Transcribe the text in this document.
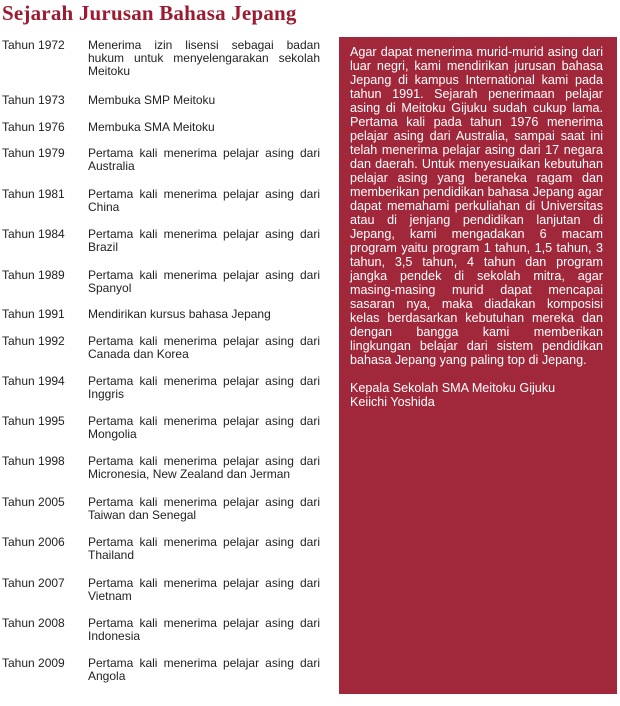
Sejarah Jurusan Bahasa Jepang
Tahun 1972	Menerima izin lisensi sebagai badan hukum untuk menyelengarakan sekolah Meitoku
Tahun 1973	Membuka SMP Meitoku
Tahun 1976	Membuka SMA Meitoku
Tahun 1979	Pertama kali menerima pelajar asing dari Australia
Tahun 1981	Pertama kali menerima pelajar asing dari China
Tahun 1984	Pertama kali menerima pelajar asing dari Brazil
Tahun 1989	Pertama kali menerima pelajar asing dari Spanyol
Tahun 1991	Mendirikan kursus bahasa Jepang
Tahun 1992	Pertama kali menerima pelajar asing dari Canada dan Korea
Tahun 1994	Pertama kali menerima pelajar asing dari Inggris
Tahun 1995	Pertama kali menerima pelajar asing dari Mongolia
Tahun 1998	Pertama kali menerima pelajar asing dari Micronesia, New Zealand dan Jerman
Tahun 2005	Pertama kali menerima pelajar asing dari Taiwan dan Senegal
Tahun 2006	Pertama kali menerima pelajar asing dari Thailand
Tahun 2007	Pertama kali menerima pelajar asing dari Vietnam
Tahun 2008	Pertama kali menerima pelajar asing dari Indonesia
Tahun 2009	Pertama kali menerima pelajar asing dari Angola

Agar dapat menerima murid-murid asing dari luar negri, kami mendirikan jurusan bahasa Jepang di kampus International kami pada tahun 1991. Sejarah penerimaan pelajar asing di Meitoku Gijuku sudah cukup lama. Pertama kali pada tahun 1976 menerima pelajar asing dari Australia, sampai saat ini telah menerima pelajar asing dari 17 negara dan daerah. Untuk menyesuaikan kebutuhan pelajar asing yang beraneka ragam dan memberikan pendidikan bahasa Jepang agar dapat memahami perkuliahan di Universitas atau di jenjang pendidikan lanjutan di Jepang, kami mengadakan 6 macam program yaitu program 1 tahun, 1,5 tahun, 3 tahun, 3,5 tahun, 4 tahun dan program jangka pendek di sekolah mitra, agar masing-masing murid dapat mencapai sasaran nya, maka diadakan komposisi kelas berdasarkan kebutuhan mereka dan dengan bangga kami memberikan lingkungan belajar dari sistem pendidikan bahasa Jepang yang paling top di Jepang.

Kepala Sekolah SMA Meitoku Gijuku
Keiichi Yoshida
